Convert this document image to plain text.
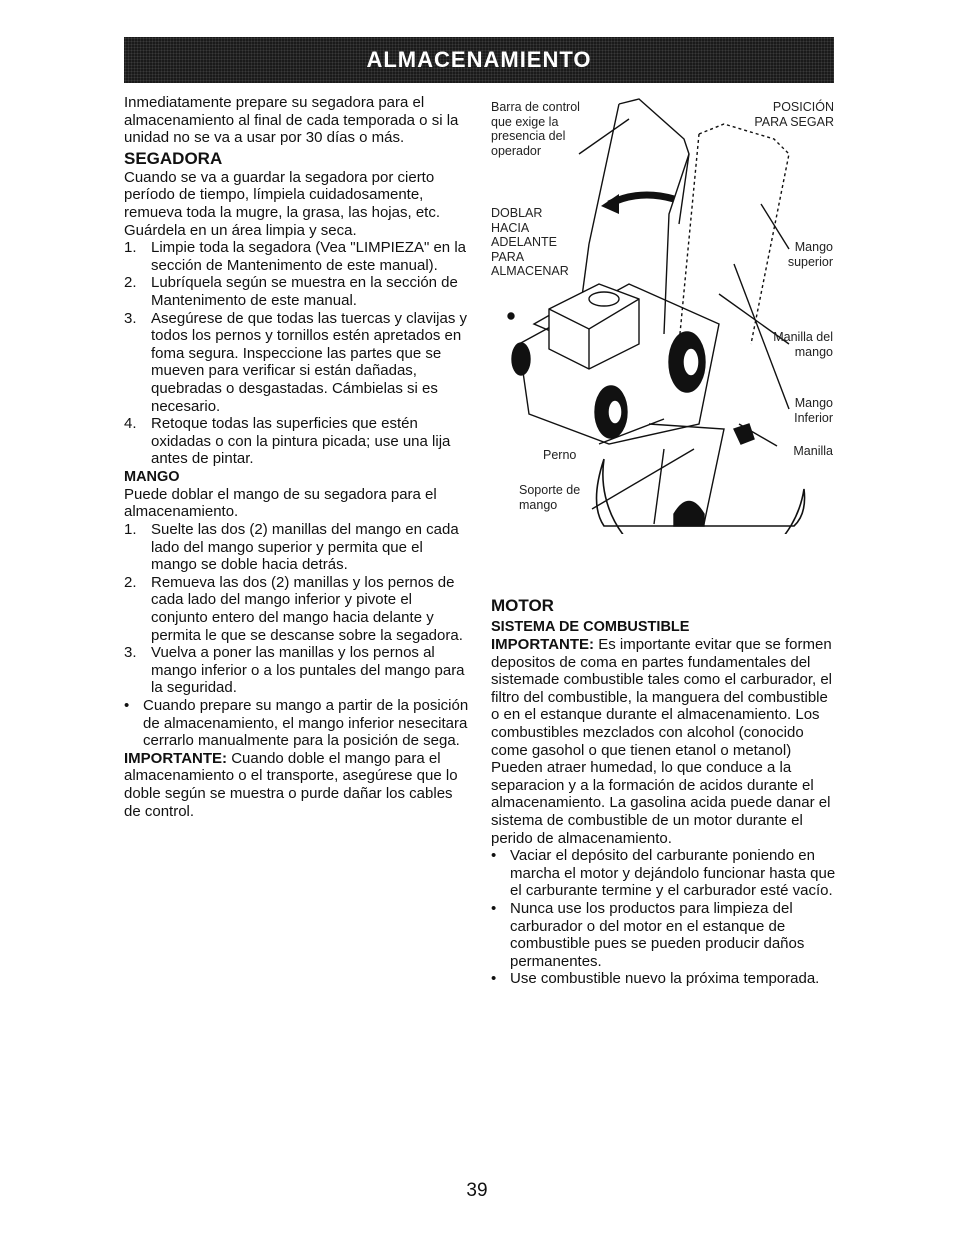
ALMACENAMIENTO

Inmediatamente prepare su segadora para el almacenamiento al final de cada temporada o si la unidad no se va a usar por 30 días o más.

SEGADORA

Cuando se va a guardar la segadora por cierto período de tiempo, límpiela cuidadosamente, remueva toda la mugre, la grasa, las hojas, etc. Guárdela en un área limpia y seca.

1. Limpie toda la segadora (Vea "LIMPIEZA" en la sección de Mantenimento de este manual).
2. Lubríquela según se muestra en la sección de Mantenimento de este manual.
3. Asegúrese de que todas las tuercas y clavijas y todos los pernos y tornillos estén apretados en foma segura. Inspeccione las partes que se mueven para verificar si están dañadas, quebradas o desgastadas. Cámbielas si es necesario.
4. Retoque todas las superficies que estén oxidadas o con la pintura picada; use una lija antes de pintar.

MANGO

Puede doblar el mango de su segadora para el almacenamiento.

1. Suelte las dos (2) manillas del mango en cada lado del mango superior y permita que el mango se doble hacia detrás.
2. Remueva las dos (2) manillas y los pernos de cada lado del mango inferior y pivote el conjunto entero del mango hacia delante y permita le que se descanse sobre la segadora.
3. Vuelva a poner las manillas y los pernos al mango inferior o a los puntales del mango para la seguridad.
• Cuando prepare su mango a partir de la posición de almacenamiento, el mango inferior nesecitara cerrarlo manualmente para la posición de sega.

IMPORTANTE: Cuando doble el mango para el almacenamiento o el transporte, asegúrese que lo doble según se muestra o purde dañar los cables de control.

Barra de control que exige la presencia del operador
POSICIÓN PARA SEGAR
DOBLAR HACIA ADELANTE PARA ALMACENAR
Mango superior
Manilla del mango
Mango Inferior
Manilla
Perno
Soporte de mango

MOTOR

SISTEMA DE COMBUSTIBLE

IMPORTANTE: Es importante evitar que se formen depositos de coma en partes fundamentales del sistemade combustible tales como el carburador, el filtro del combustible, la manguera del combustible o en el estanque durante el almacenamiento. Los combustibles mezclados con alcohol (conocido come gasohol o que tienen etanol o metanol) Pueden atraer humedad, lo que conduce a la separacion y a la formación de acidos durante el almacenamiento. La gasolina acida puede danar el sistema de combustible de un motor durante el perido de almacenamiento.

• Vaciar el depósito del carburante poniendo en marcha el motor y dejándolo funcionar hasta que el carburante termine y el carburador esté vacío.
• Nunca use los productos para limpieza del carburador o del motor en el estanque de combustible pues se pueden producir daños permanentes.
• Use combustible nuevo la próxima temporada.
39
